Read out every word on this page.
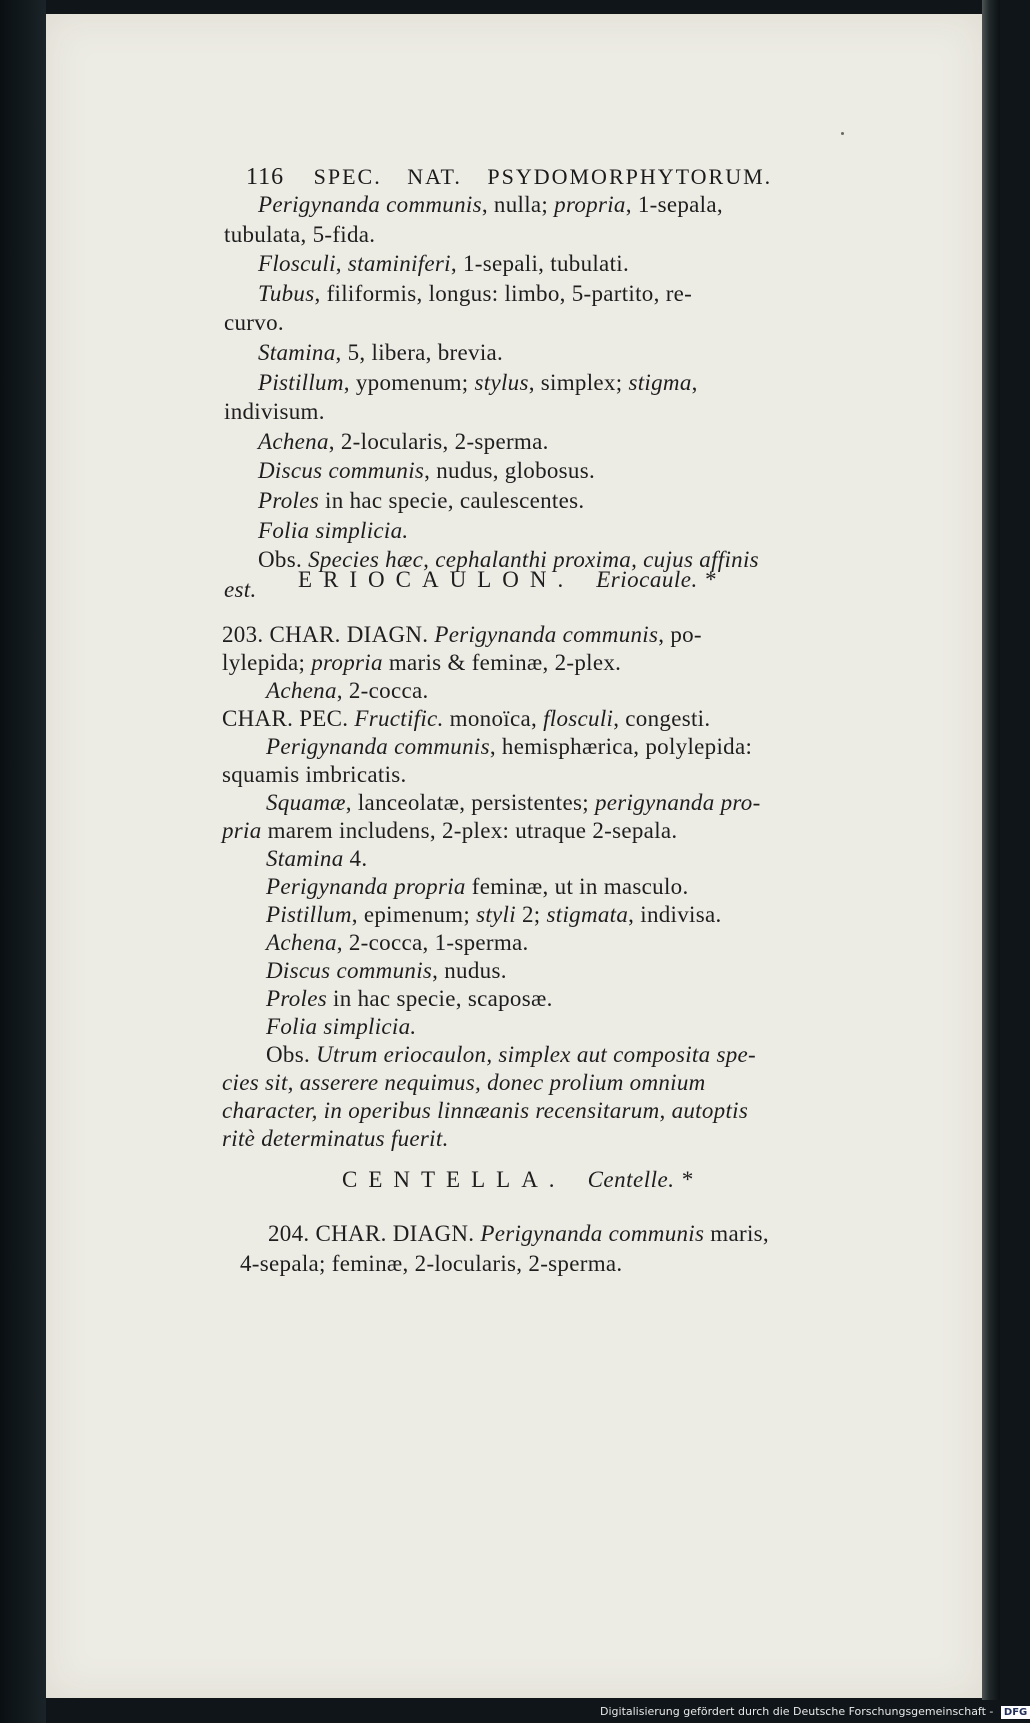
116 SPEC. NAT. PSYDOMORPHYTORUM.
Perigynanda communis, nulla; propria, 1-sepala,
tubulata, 5-fida.
Flosculi, staminiferi, 1-sepali, tubulati.
Tubus, filiformis, longus: limbo, 5-partito, re-
curvo.
Stamina, 5, libera, brevia.
Pistillum, ypomenum; stylus, simplex; stigma,
indivisum.
Achena, 2-locularis, 2-sperma.
Discus communis, nudus, globosus.
Proles in hac specie, caulescentes.
Folia simplicia.
Obs. Species hæc, cephalanthi proxima, cujus affinis
est.
203. CHAR. DIAGN. Perigynanda communis, po-
lylepida; propria maris & feminæ, 2-plex.
Achena, 2-cocca.
CHAR. PEC. Fructific. monoïca, flosculi, congesti.
Perigynanda communis, hemisphærica, polylepida:
squamis imbricatis.
Squamæ, lanceolatæ, persistentes; perigynanda pro-
pria marem includens, 2-plex: utraque 2-sepala.
Stamina 4.
Perigynanda propria feminæ, ut in masculo.
Pistillum, epimenum; styli 2; stigmata, indivisa.
Achena, 2-cocca, 1-sperma.
Discus communis, nudus.
Proles in hac specie, scaposæ.
Folia simplicia.
Obs. Utrum eriocaulon, simplex aut composita spe-
cies sit, asserere nequimus, donec prolium omnium
character, in operibus linnæanis recensitarum, autoptis
ritè determinatus fuerit.
204. CHAR. DIAGN. Perigynanda communis maris,
4-sepala; feminæ, 2-locularis, 2-sperma.
ERIOCAULON. Eriocaule. *
CENTELLA. Centelle. *
Digitalisierung gefördert durch die Deutsche Forschungsgemeinschaft - DFG
